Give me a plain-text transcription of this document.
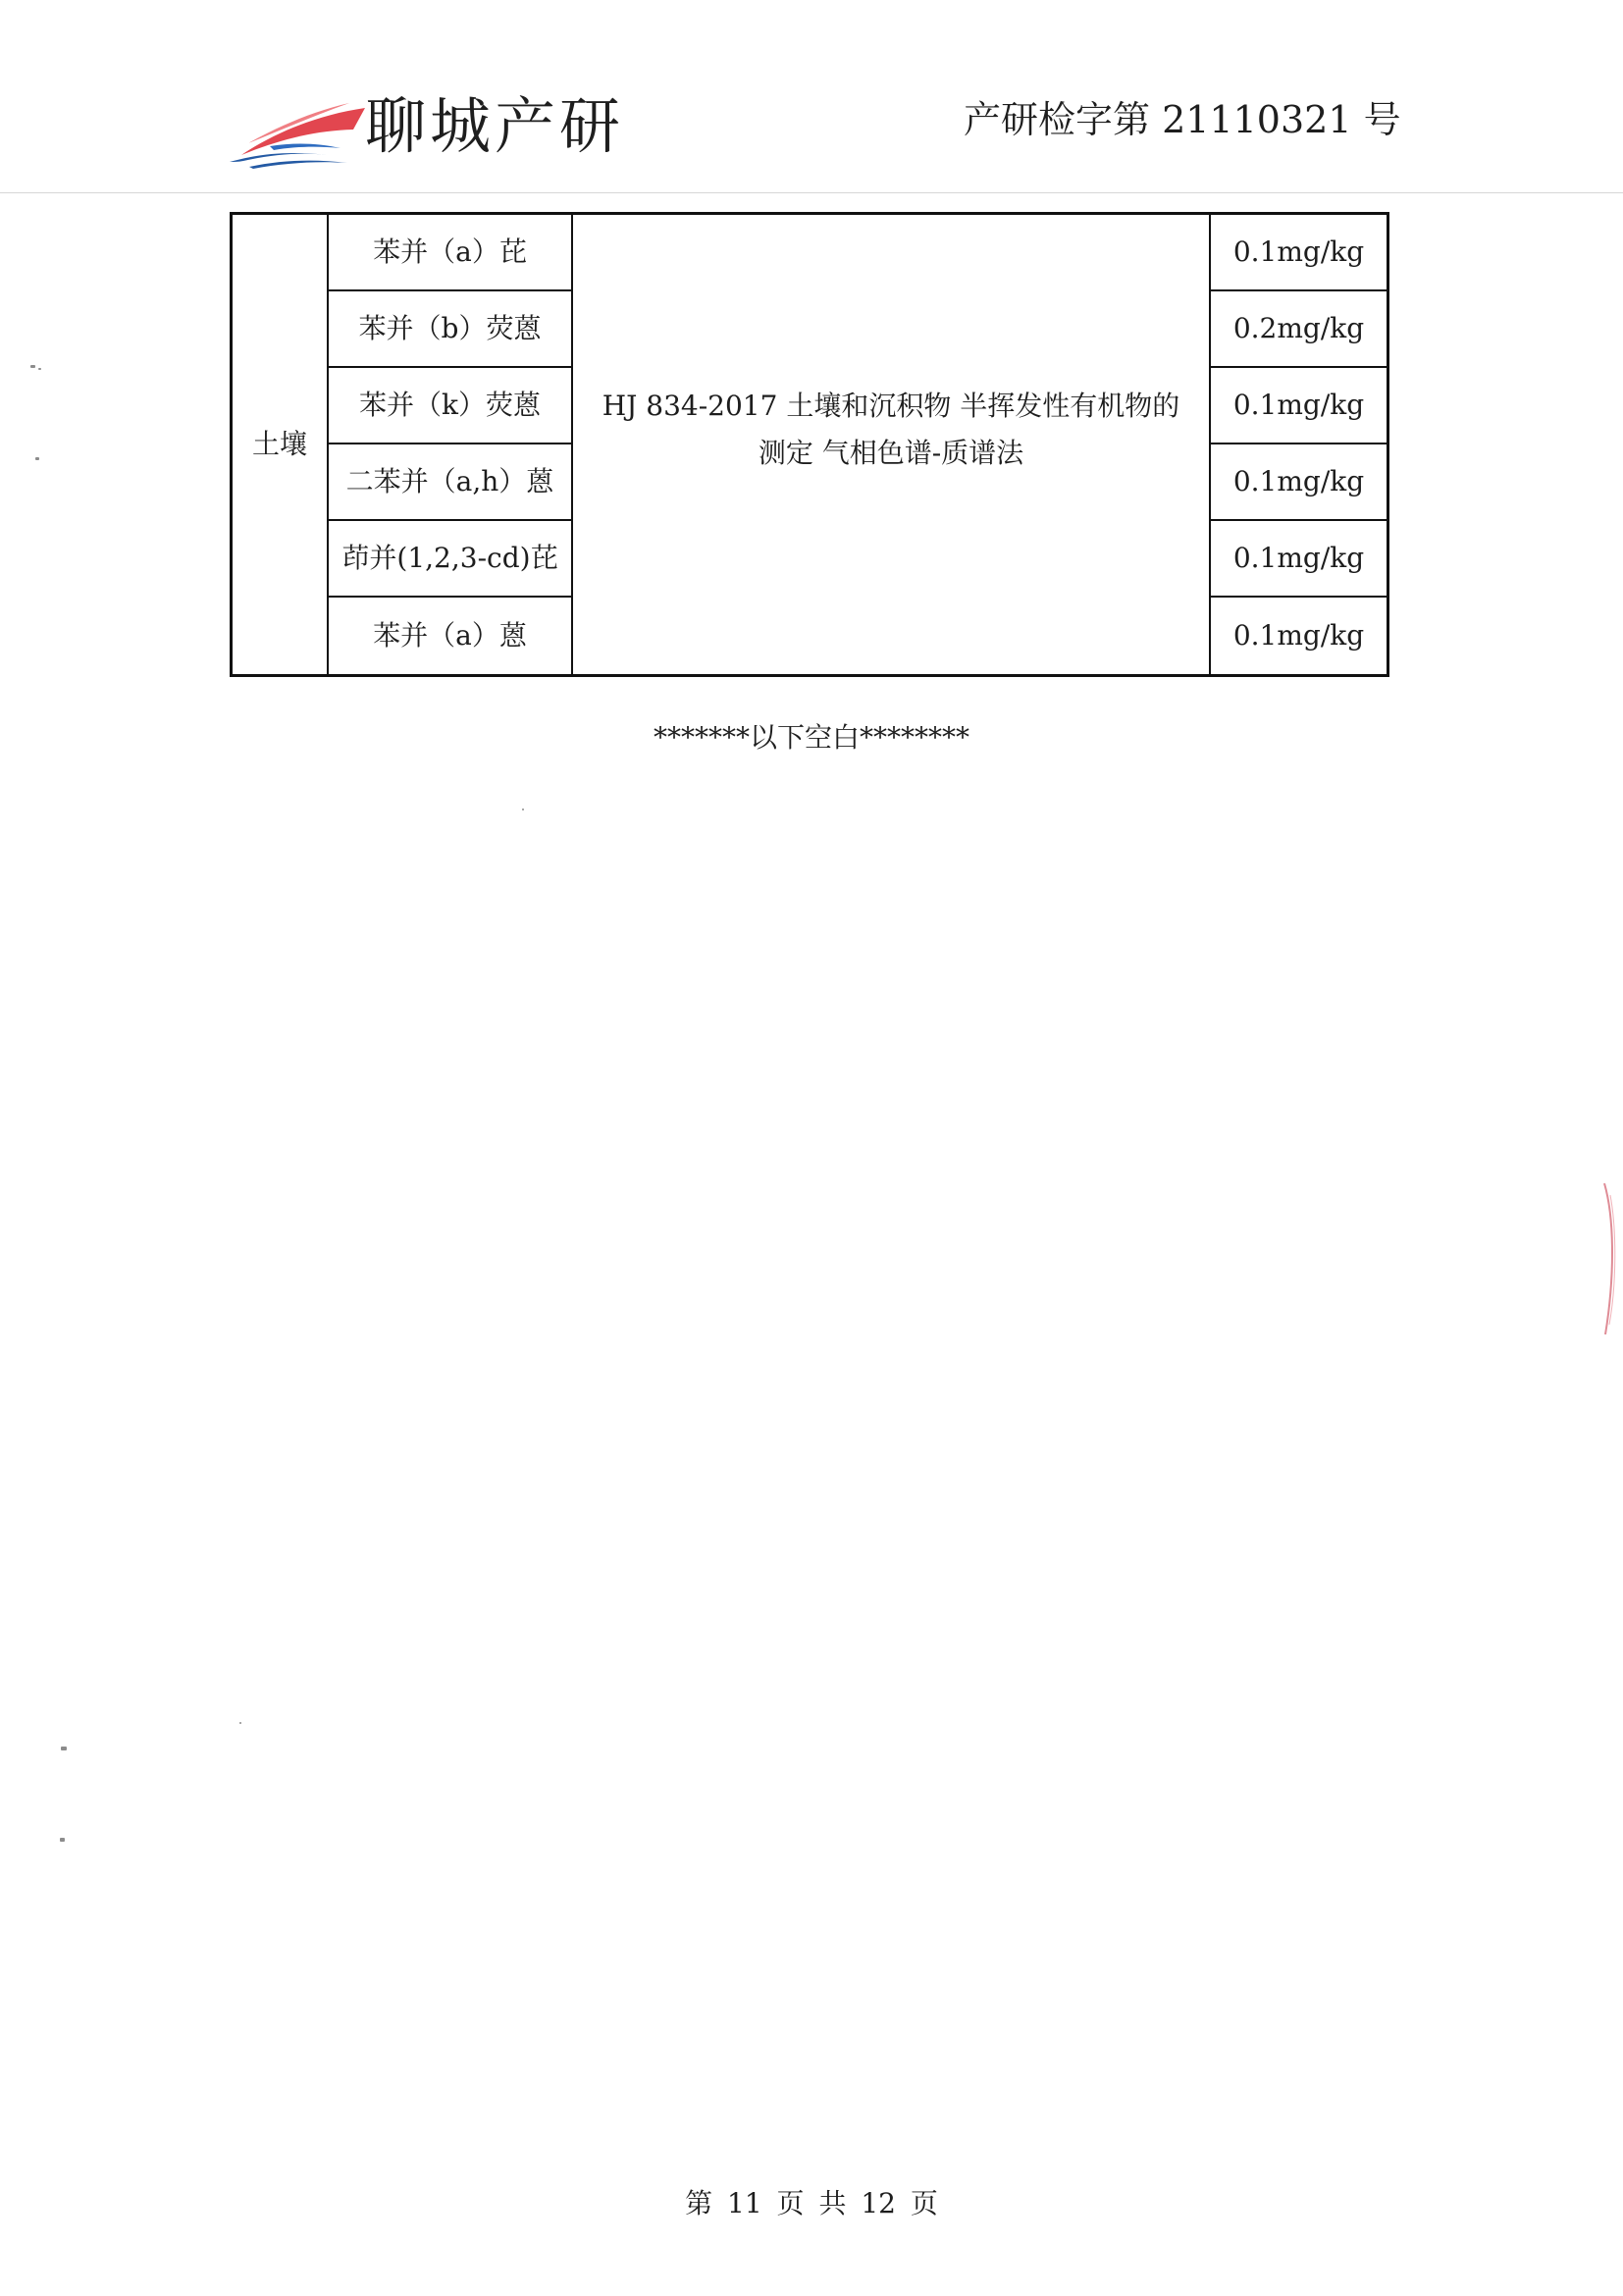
聊城产研	产研检字第 21110321 号
土壤
苯并（a）芘
苯并（b）荧蒽
苯并（k）荧蒽
二苯并（a,h）蒽
茚并(1,2,3-cd)芘
苯并（a）蒽
HJ 834-2017 土壤和沉积物 半挥发性有机物的测定 气相色谱-质谱法
0.1mg/kg
0.2mg/kg
0.1mg/kg
0.1mg/kg
0.1mg/kg
0.1mg/kg
*******以下空白********
第 11 页 共 12 页
